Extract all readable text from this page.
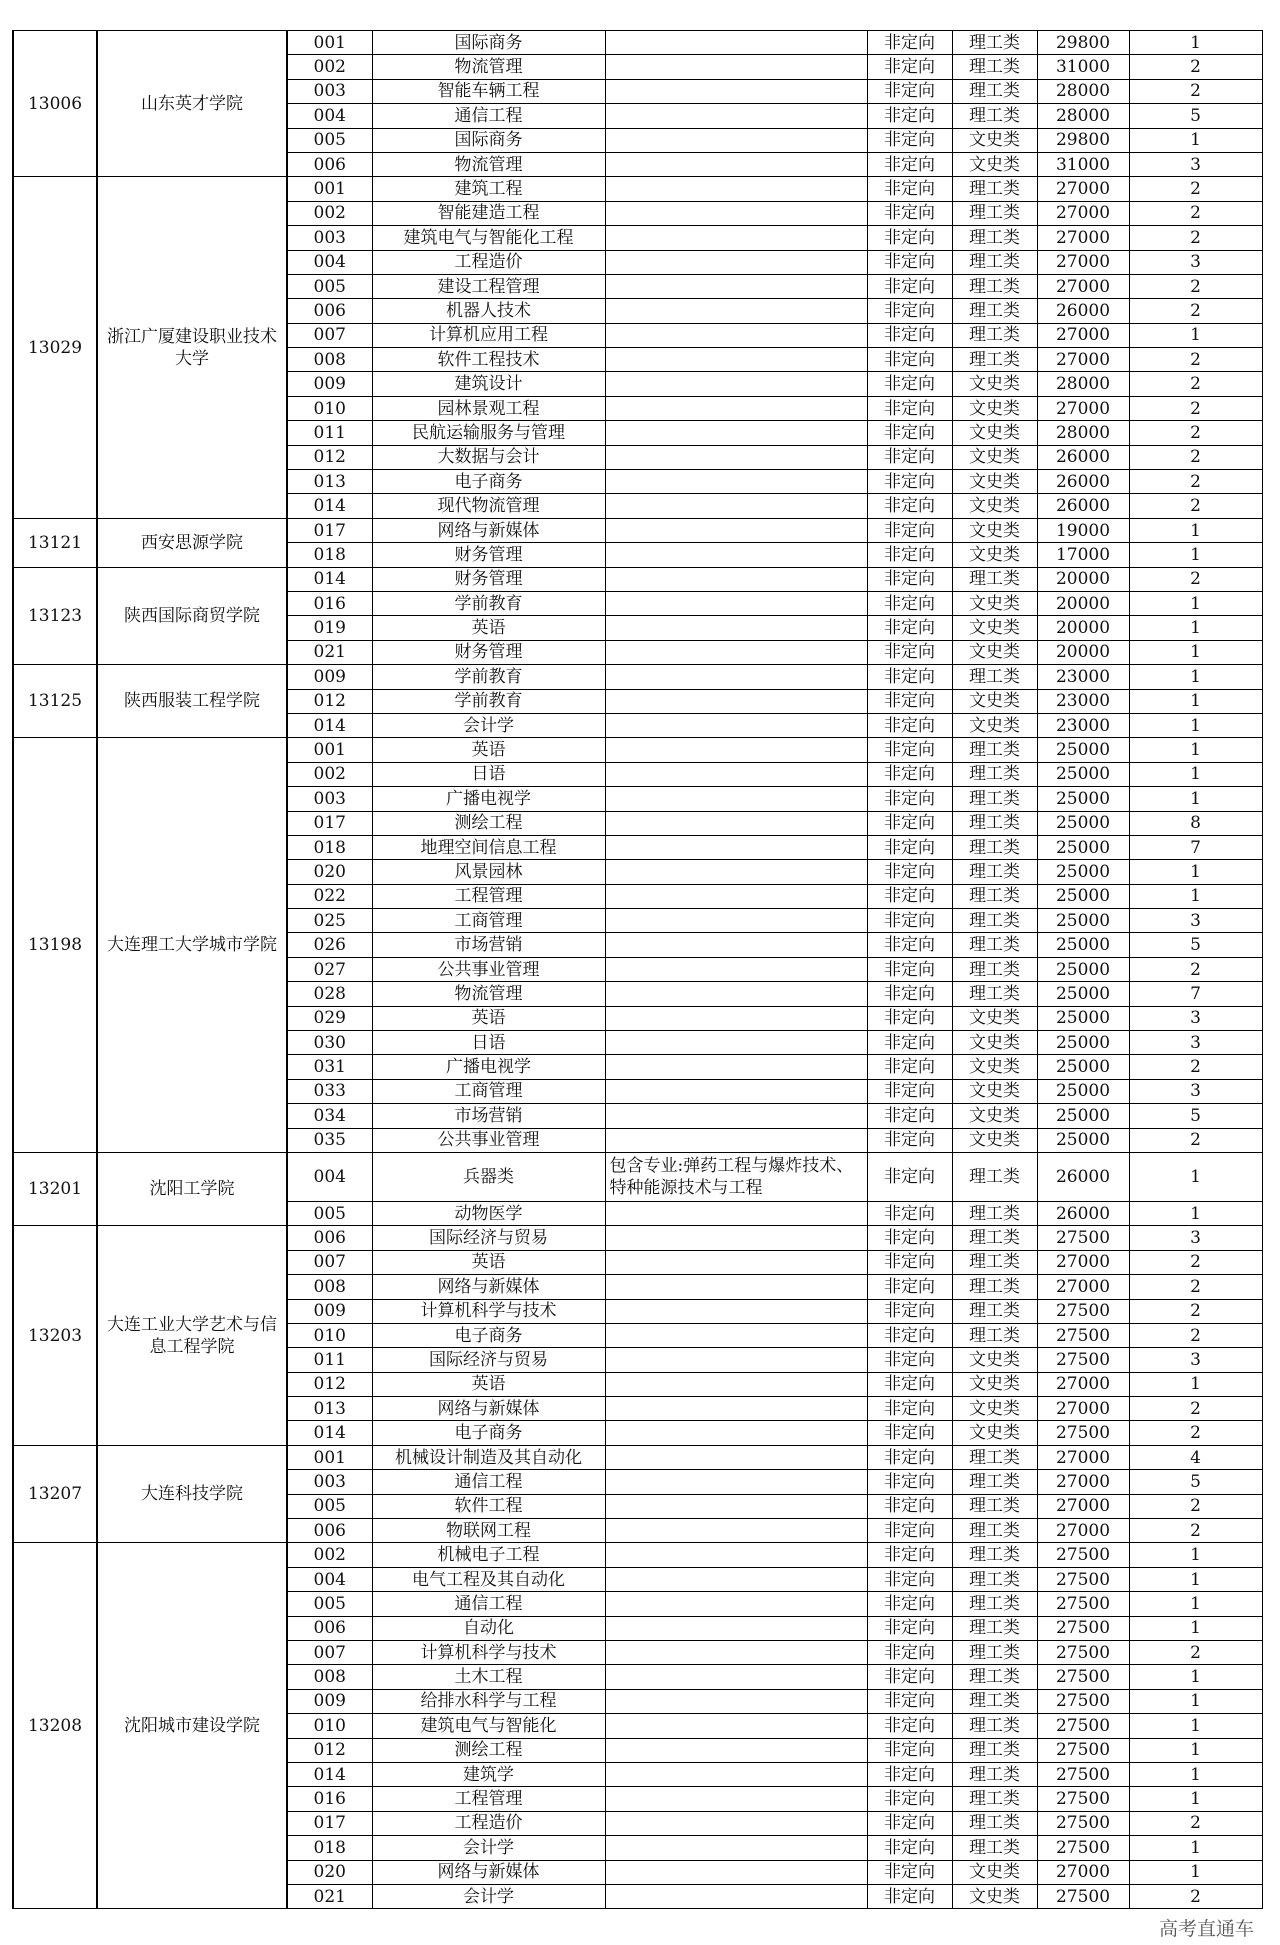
13006	山东英才学院	001	国际商务		非定向	理工类	29800	1
		002	物流管理		非定向	理工类	31000	2
		003	智能车辆工程		非定向	理工类	28000	2
		004	通信工程		非定向	理工类	28000	5
		005	国际商务		非定向	文史类	29800	1
		006	物流管理		非定向	文史类	31000	3
13029	浙江广厦建设职业技术大学	001	建筑工程		非定向	理工类	27000	2
		002	智能建造工程		非定向	理工类	27000	2
		003	建筑电气与智能化工程		非定向	理工类	27000	2
		004	工程造价		非定向	理工类	27000	3
		005	建设工程管理		非定向	理工类	27000	2
		006	机器人技术		非定向	理工类	26000	2
		007	计算机应用工程		非定向	理工类	27000	1
		008	软件工程技术		非定向	理工类	27000	2
		009	建筑设计		非定向	文史类	28000	2
		010	园林景观工程		非定向	文史类	27000	2
		011	民航运输服务与管理		非定向	文史类	28000	2
		012	大数据与会计		非定向	文史类	26000	2
		013	电子商务		非定向	文史类	26000	2
		014	现代物流管理		非定向	文史类	26000	2
13121	西安思源学院	017	网络与新媒体		非定向	文史类	19000	1
		018	财务管理		非定向	文史类	17000	1
13123	陕西国际商贸学院	014	财务管理		非定向	理工类	20000	2
		016	学前教育		非定向	文史类	20000	1
		019	英语		非定向	文史类	20000	1
		021	财务管理		非定向	文史类	20000	1
13125	陕西服装工程学院	009	学前教育		非定向	理工类	23000	1
		012	学前教育		非定向	文史类	23000	1
		014	会计学		非定向	文史类	23000	1
13198	大连理工大学城市学院	001	英语		非定向	理工类	25000	1
		002	日语		非定向	理工类	25000	1
		003	广播电视学		非定向	理工类	25000	1
		017	测绘工程		非定向	理工类	25000	8
		018	地理空间信息工程		非定向	理工类	25000	7
		020	风景园林		非定向	理工类	25000	1
		022	工程管理		非定向	理工类	25000	1
		025	工商管理		非定向	理工类	25000	3
		026	市场营销		非定向	理工类	25000	5
		027	公共事业管理		非定向	理工类	25000	2
		028	物流管理		非定向	理工类	25000	7
		029	英语		非定向	文史类	25000	3
		030	日语		非定向	文史类	25000	3
		031	广播电视学		非定向	文史类	25000	2
		033	工商管理		非定向	文史类	25000	3
		034	市场营销		非定向	文史类	25000	5
		035	公共事业管理		非定向	文史类	25000	2
13201	沈阳工学院	004	兵器类	包含专业:弹药工程与爆炸技术、特种能源技术与工程	非定向	理工类	26000	1
		005	动物医学		非定向	理工类	26000	1
13203	大连工业大学艺术与信息工程学院	006	国际经济与贸易		非定向	理工类	27500	3
		007	英语		非定向	理工类	27000	2
		008	网络与新媒体		非定向	理工类	27000	2
		009	计算机科学与技术		非定向	理工类	27500	2
		010	电子商务		非定向	理工类	27500	2
		011	国际经济与贸易		非定向	文史类	27500	3
		012	英语		非定向	文史类	27000	1
		013	网络与新媒体		非定向	文史类	27000	2
		014	电子商务		非定向	文史类	27500	2
13207	大连科技学院	001	机械设计制造及其自动化		非定向	理工类	27000	4
		003	通信工程		非定向	理工类	27000	5
		005	软件工程		非定向	理工类	27000	2
		006	物联网工程		非定向	理工类	27000	2
13208	沈阳城市建设学院	002	机械电子工程		非定向	理工类	27500	1
		004	电气工程及其自动化		非定向	理工类	27500	1
		005	通信工程		非定向	理工类	27500	1
		006	自动化		非定向	理工类	27500	1
		007	计算机科学与技术		非定向	理工类	27500	2
		008	土木工程		非定向	理工类	27500	1
		009	给排水科学与工程		非定向	理工类	27500	1
		010	建筑电气与智能化		非定向	理工类	27500	1
		012	测绘工程		非定向	理工类	27500	1
		014	建筑学		非定向	理工类	27500	1
		016	工程管理		非定向	理工类	27500	1
		017	工程造价		非定向	理工类	27500	2
		018	会计学		非定向	理工类	27500	1
		020	网络与新媒体		非定向	文史类	27000	1
		021	会计学		非定向	文史类	27500	2
高考直通车
